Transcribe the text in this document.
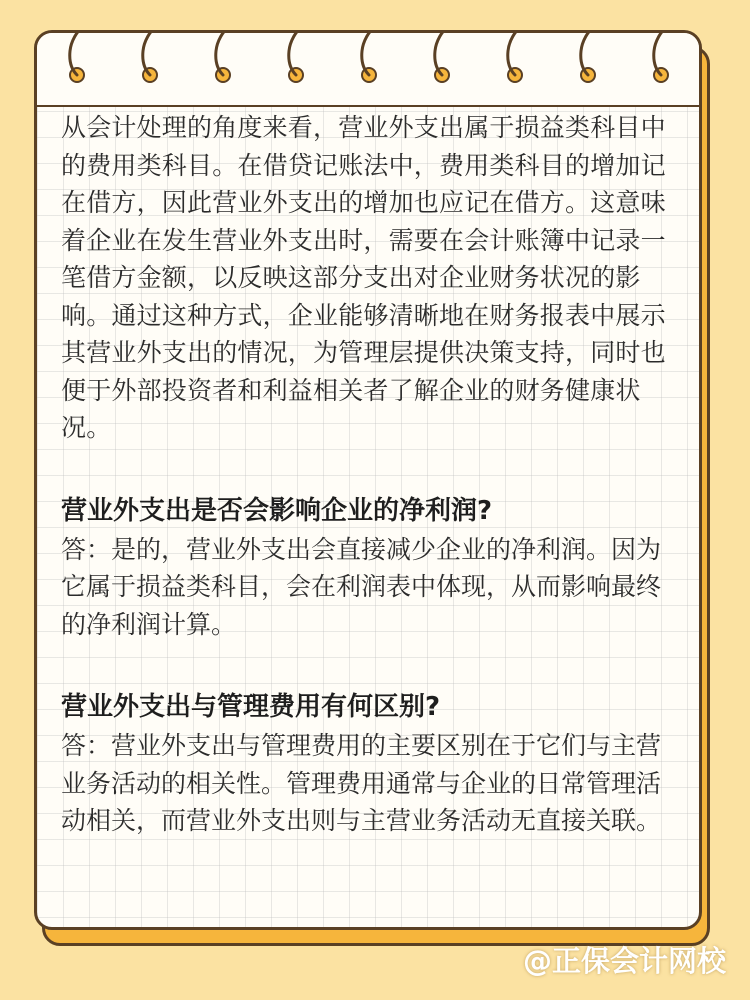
从会计处理的角度来看，营业外支出属于损益类科目中的费用类科目。在借贷记账法中，费用类科目的增加记在借方，因此营业外支出的增加也应记在借方。这意味着企业在发生营业外支出时，需要在会计账簿中记录一笔借方金额，以反映这部分支出对企业财务状况的影响。通过这种方式，企业能够清晰地在财务报表中展示其营业外支出的情况，为管理层提供决策支持，同时也便于外部投资者和利益相关者了解企业的财务健康状况。

营业外支出是否会影响企业的净利润?

答：是的，营业外支出会直接减少企业的净利润。因为它属于损益类科目，会在利润表中体现，从而影响最终的净利润计算。

营业外支出与管理费用有何区别?

答：营业外支出与管理费用的主要区别在于它们与主营业务活动的相关性。管理费用通常与企业的日常管理活动相关，而营业外支出则与主营业务活动无直接关联。

@正保会计网校
